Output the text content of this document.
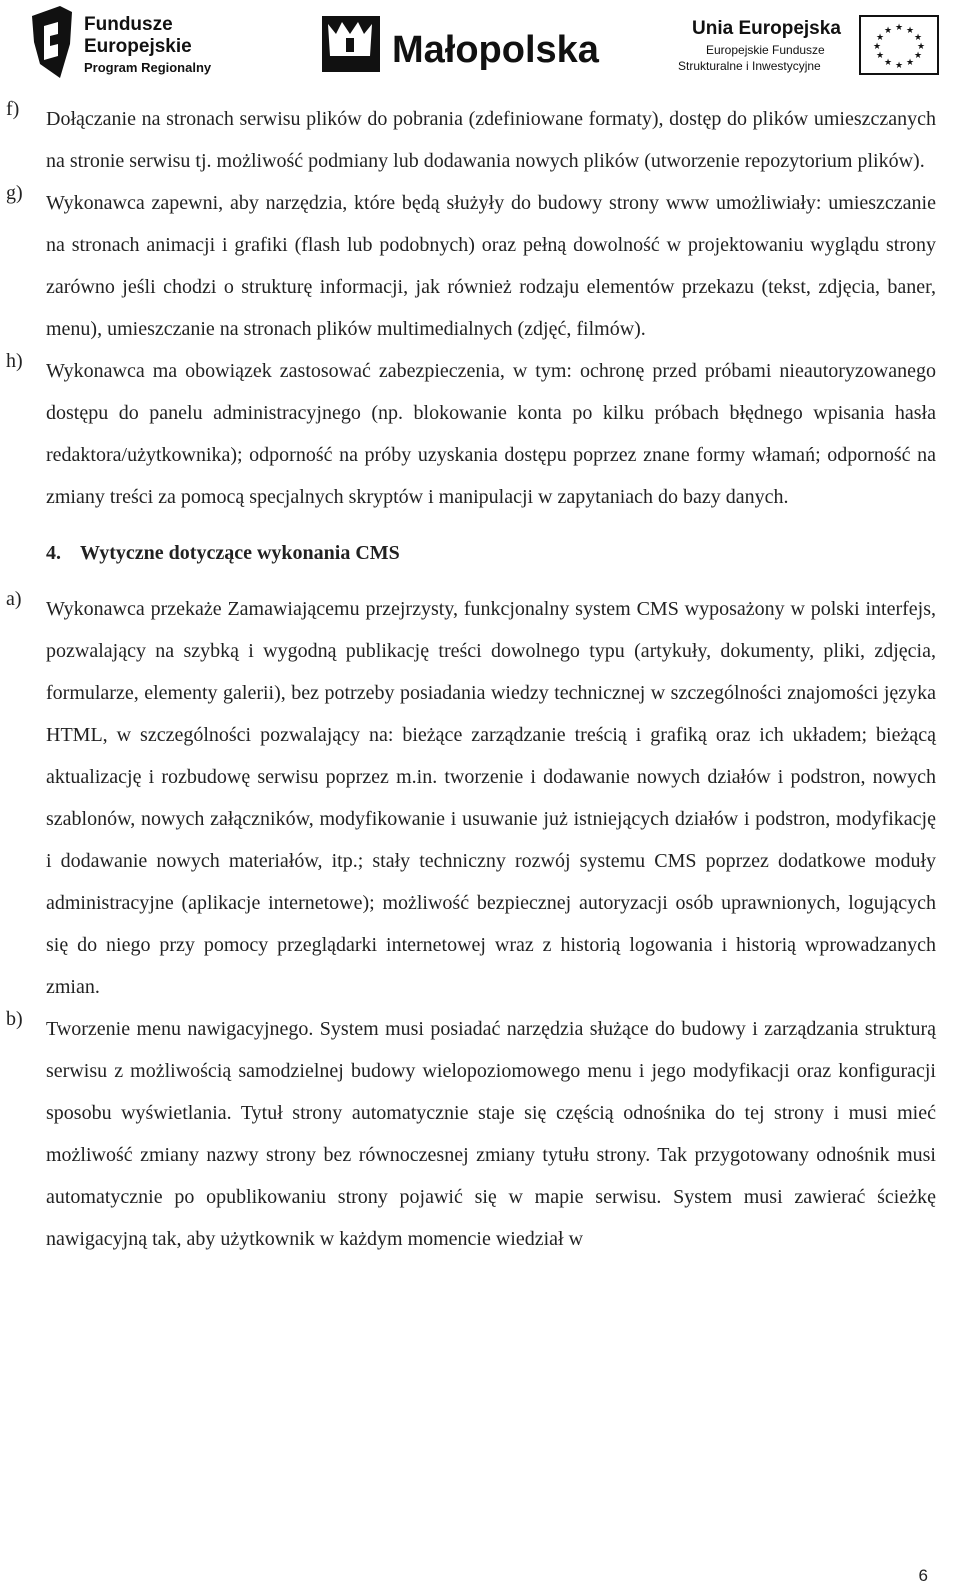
Fundusze
Europejskie
Program Regionalny	Małopolska
Unia Europejska
Europejskie Fundusze
Strukturalne i Inwestycyjne
★ ★
★
★
★
★
★
★
★
★
★
★
f)	Dołączanie na stronach serwisu plików do pobrania (zdefiniowane formaty), dostęp do plików umieszczanych na stronie serwisu tj. możliwość podmiany lub dodawania nowych plików (utworzenie repozytorium plików).
g)	Wykonawca zapewni, aby narzędzia, które będą służyły do budowy strony www umożliwiały: umieszczanie na stronach animacji i grafiki (flash lub podobnych) oraz pełną dowolność w projektowaniu wyglądu strony zarówno jeśli chodzi o strukturę informacji, jak również rodzaju elementów przekazu (tekst, zdjęcia, baner, menu), umieszczanie na stronach plików multimedialnych (zdjęć, filmów).
h)	Wykonawca ma obowiązek zastosować zabezpieczenia, w tym: ochronę przed próbami nieautoryzowanego dostępu do panelu administracyjnego (np. blokowanie konta po kilku próbach błędnego wpisania hasła redaktora/użytkownika); odporność na próby uzyskania dostępu poprzez znane formy włamań; odporność na zmiany treści za pomocą specjalnych skryptów i manipulacji w zapytaniach do bazy danych.
4. Wytyczne dotyczące wykonania CMS
a)	Wykonawca przekaże Zamawiającemu przejrzysty, funkcjonalny system CMS wyposażony w polski interfejs, pozwalający na szybką i wygodną publikację treści dowolnego typu (artykuły, dokumenty, pliki, zdjęcia, formularze, elementy galerii), bez potrzeby posiadania wiedzy technicznej w szczególności znajomości języka HTML, w szczególności pozwalający na: bieżące zarządzanie treścią i grafiką oraz ich układem; bieżącą aktualizację i rozbudowę serwisu poprzez m.in. tworzenie i dodawanie nowych działów i podstron, nowych szablonów, nowych załączników, modyfikowanie i usuwanie już istniejących działów i podstron, modyfikację i dodawanie nowych materiałów, itp.; stały techniczny rozwój systemu CMS poprzez dodatkowe moduły administracyjne (aplikacje internetowe); możliwość bezpiecznej autoryzacji osób uprawnionych, logujących się do niego przy pomocy przeglądarki internetowej wraz z historią logowania i historią wprowadzanych zmian.
b)	Tworzenie menu nawigacyjnego. System musi posiadać narzędzia służące do budowy i zarządzania strukturą serwisu z możliwością samodzielnej budowy wielopoziomowego menu i jego modyfikacji oraz konfiguracji sposobu wyświetlania. Tytuł strony automatycznie staje się częścią odnośnika do tej strony i musi mieć możliwość zmiany nazwy strony bez równoczesnej zmiany tytułu strony. Tak przygotowany odnośnik musi automatycznie po opublikowaniu strony pojawić się w mapie serwisu. System musi zawierać ścieżkę nawigacyjną tak, aby użytkownik w każdym momencie wiedział w
6
